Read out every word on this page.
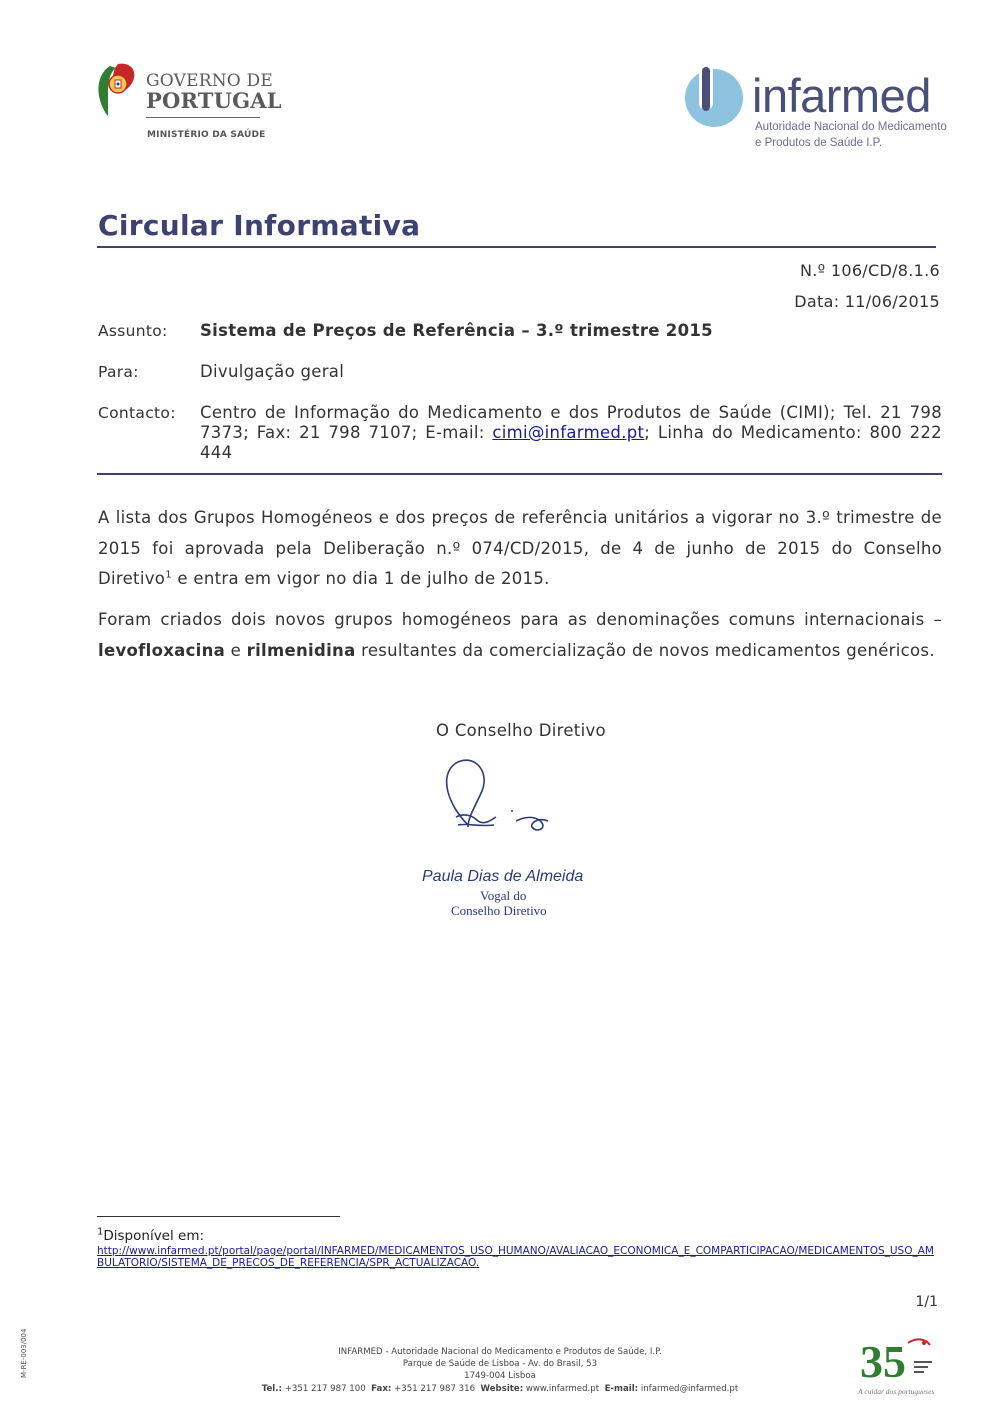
GOVERNO DE
PORTUGAL
MINISTÉRIO DA SAÚDE
infarmed
Autoridade Nacional do Medicamento
e Produtos de Saúde I.P.
Circular Informativa
N.º 106/CD/8.1.6
Data: 11/06/2015
Assunto: Sistema de Preços de Referência – 3.º trimestre 2015
Para:	Divulgação geral
Contacto: Centro de Informação do Medicamento e dos Produtos de Saúde (CIMI); Tel. 21 798 7373; Fax: 21 798 7107; E-mail: cimi@infarmed.pt; Linha do Medicamento: 800 222 444
A lista dos Grupos Homogéneos e dos preços de referência unitários a vigorar no 3.º trimestre de 2015 foi aprovada pela Deliberação n.º 074/CD/2015, de 4 de junho de 2015 do Conselho Diretivo$^1$ e entra em vigor no dia 1 de julho de 2015.
Foram criados dois novos grupos homogéneos para as denominações comuns internacionais – levofloxacina e rilmenidina resultantes da comercialização de novos medicamentos genéricos.
O Conselho Diretivo
Paula Dias de Almeida
Vogal do
Conselho Diretivo
$^1$Disponível em:
http://www.infarmed.pt/portal/page/portal/INFARMED/MEDICAMENTOS_USO_HUMANO/AVALIACAO_ECONOMICA_E_COMPARTICIPACAO/MEDICAMENTOS_USO_AMBULATORIO/SISTEMA_DE_PRECOS_DE_REFERENCIA/SPR_ACTUALIZACAO.
1/1
M-RE-003/004	INFARMED - Autoridade Nacional do Medicamento e Produtos de Saúde, I.P.
Parque de Saúde de Lisboa - Av. do Brasil, 53
1749-004 Lisboa
Tel.: +351 217 987 100 Fax: +351 217 987 316 Website: www.infarmed.pt E-mail: infarmed@infarmed.pt
35
A cuidar dos portugueses
